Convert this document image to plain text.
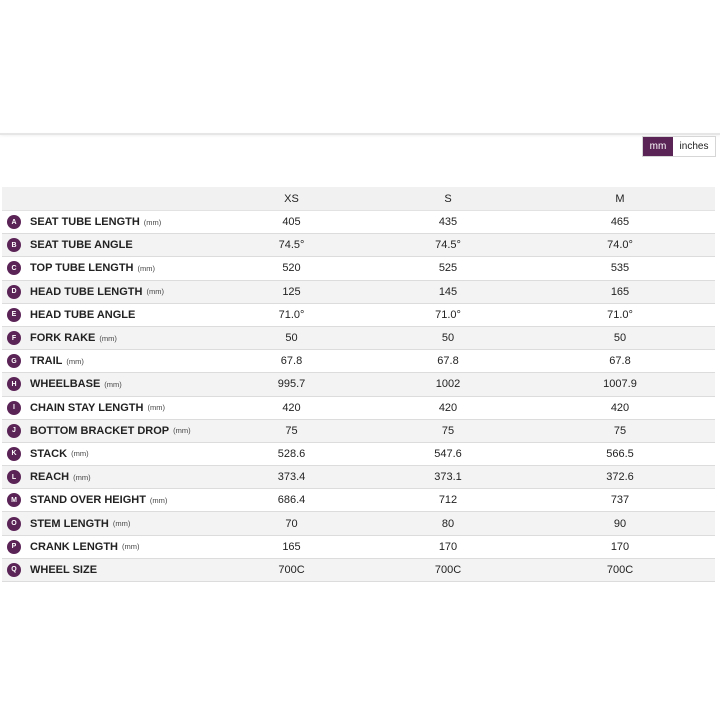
mm	inches
XS	S	M
A	SEAT TUBE LENGTH (mm)	405	435	465
B	SEAT TUBE ANGLE	74.5°	74.5°	74.0°
C	TOP TUBE LENGTH (mm)	520	525	535
D	HEAD TUBE LENGTH (mm)	125	145	165
E	HEAD TUBE ANGLE	71.0°	71.0°	71.0°
F	FORK RAKE (mm)	50	50	50
G	TRAIL (mm)	67.8	67.8	67.8
H	WHEELBASE (mm)	995.7	1002	1007.9
I	CHAIN STAY LENGTH (mm)	420	420	420
J	BOTTOM BRACKET DROP (mm)	75	75	75
K	STACK (mm)	528.6	547.6	566.5
L	REACH (mm)	373.4	373.1	372.6
M	STAND OVER HEIGHT (mm)	686.4	712	737
O	STEM LENGTH (mm)	70	80	90
P	CRANK LENGTH (mm)	165	170	170
Q	WHEEL SIZE	700C	700C	700C
